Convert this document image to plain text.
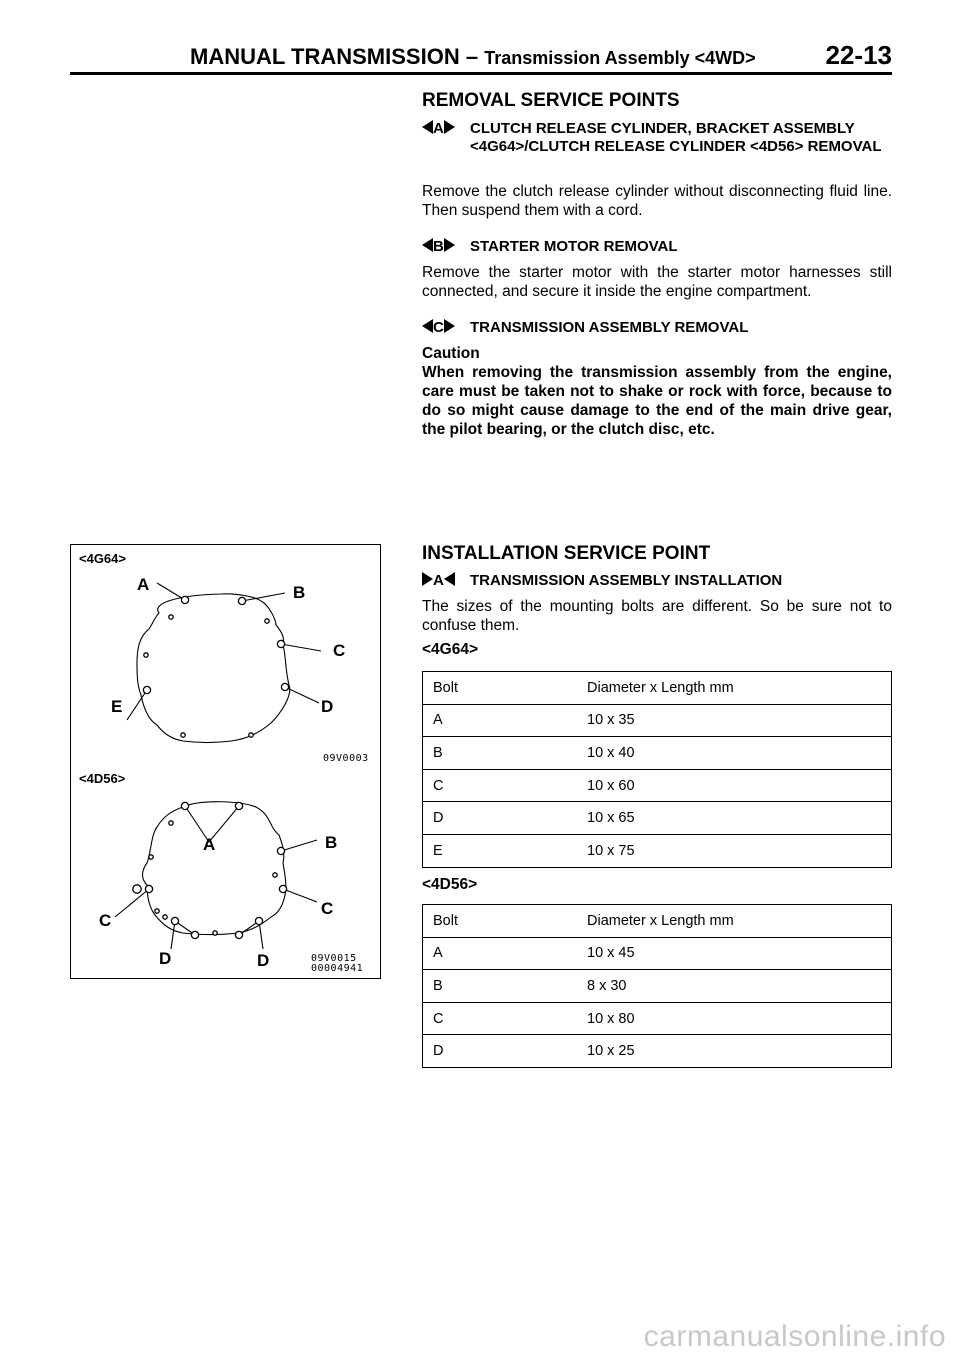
MANUAL TRANSMISSION – Transmission Assembly <4WD>	22-13
REMOVAL SERVICE POINTS
A	CLUTCH RELEASE CYLINDER, BRACKET ASSEMBLY <4G64>/CLUTCH RELEASE CYLINDER <4D56> REMOVAL
Remove the clutch release cylinder without disconnecting fluid line. Then suspend them with a cord.
B	STARTER MOTOR REMOVAL
Remove the starter motor with the starter motor harnesses still connected, and secure it inside the engine compartment.
C	TRANSMISSION ASSEMBLY REMOVAL
Caution
When removing the transmission assembly from the engine, care must be taken not to shake or rock with force, because to do so might cause damage to the end of the main drive gear, the pilot bearing, or the clutch disc, etc.
INSTALLATION SERVICE POINT
A	TRANSMISSION ASSEMBLY INSTALLATION
The sizes of the mounting bolts are different. So be sure not to confuse them.
<4G64>
Bolt	Diameter x Length mm
A	10 x 35
B	10 x 40
C	10 x 60
D	10 x 65
E	10 x 75
<4D56>
Bolt	Diameter x Length mm
A	10 x 45
B	8 x 30
C	10 x 80
D	10 x 25
<4G64>
A	B
C
D
E
09V0003
<4D56>
A	B
C
C
D	D	09V0015
00004941
carmanualsonline.info
